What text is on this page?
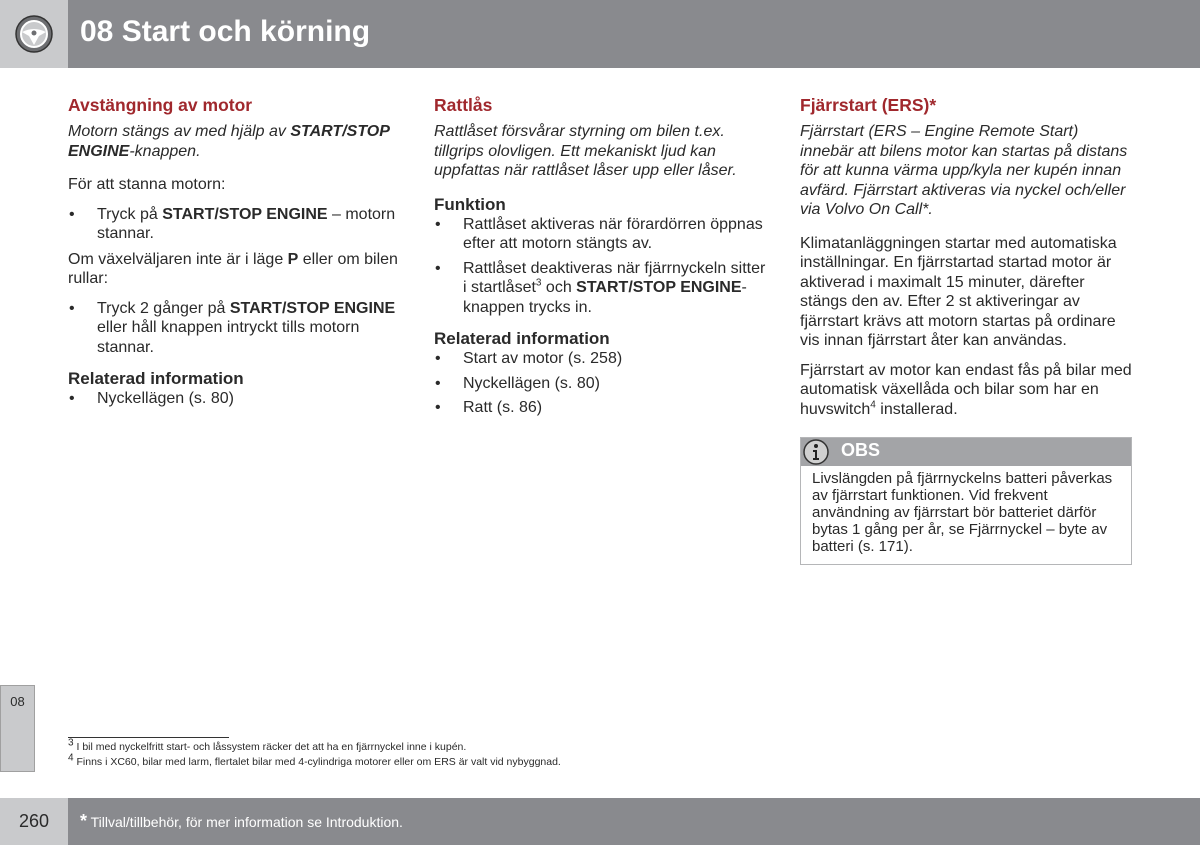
08 Start och körning
Avstängning av motor

Motorn stängs av med hjälp av START/STOP ENGINE-knappen.

För att stanna motorn:

• Tryck på START/STOP ENGINE – motorn stannar.

Om växelväljaren inte är i läge P eller om bilen rullar:

• Tryck 2 gånger på START/STOP ENGINE eller håll knappen intryckt tills motorn stannar.
Relaterad information
• Nyckellägen (s. 80)
Rattlås

Rattlåset försvårar styrning om bilen t.ex. tillgrips olovligen. Ett mekaniskt ljud kan uppfattas när rattlåset låser upp eller låser.

Funktion
• Rattlåset aktiveras när förardörren öppnas efter att motorn stängts av.
• Rattlåset deaktiveras när fjärrnyckeln sitter i startlåset$^3$ och START/STOP ENGINE-knappen trycks in.
Relaterad information
• Start av motor (s. 258)
• Nyckellägen (s. 80)
• Ratt (s. 86)
Fjärrstart (ERS)*

Fjärrstart (ERS – Engine Remote Start) innebär att bilens motor kan startas på distans för att kunna värma upp/kyla ner kupén innan avfärd. Fjärrstart aktiveras via nyckel och/eller via Volvo On Call*.

Klimatanläggningen startar med automatiska inställningar. En fjärrstartad startad motor är aktiverad i maximalt 15 minuter, därefter stängs den av. Efter 2 st aktiveringar av fjärrstart krävs att motorn startas på ordinare vis innan fjärrstart åter kan användas.

Fjärrstart av motor kan endast fås på bilar med automatisk växellåda och bilar som har en huvswitch$^4$ installerad.

OBS
Livslängden på fjärrnyckelns batteri påverkas av fjärrstart funktionen. Vid frekvent användning av fjärrstart bör batteriet därför bytas 1 gång per år, se Fjärrnyckel – byte av batteri (s. 171).
08
$^3$ I bil med nyckelfritt start- och låssystem räcker det att ha en fjärrnyckel inne i kupén.
$^4$ Finns i XC60, bilar med larm, flertalet bilar med 4-cylindriga motorer eller om ERS är valt vid nybyggnad.
260	* Tillval/tillbehör, för mer information se Introduktion.
